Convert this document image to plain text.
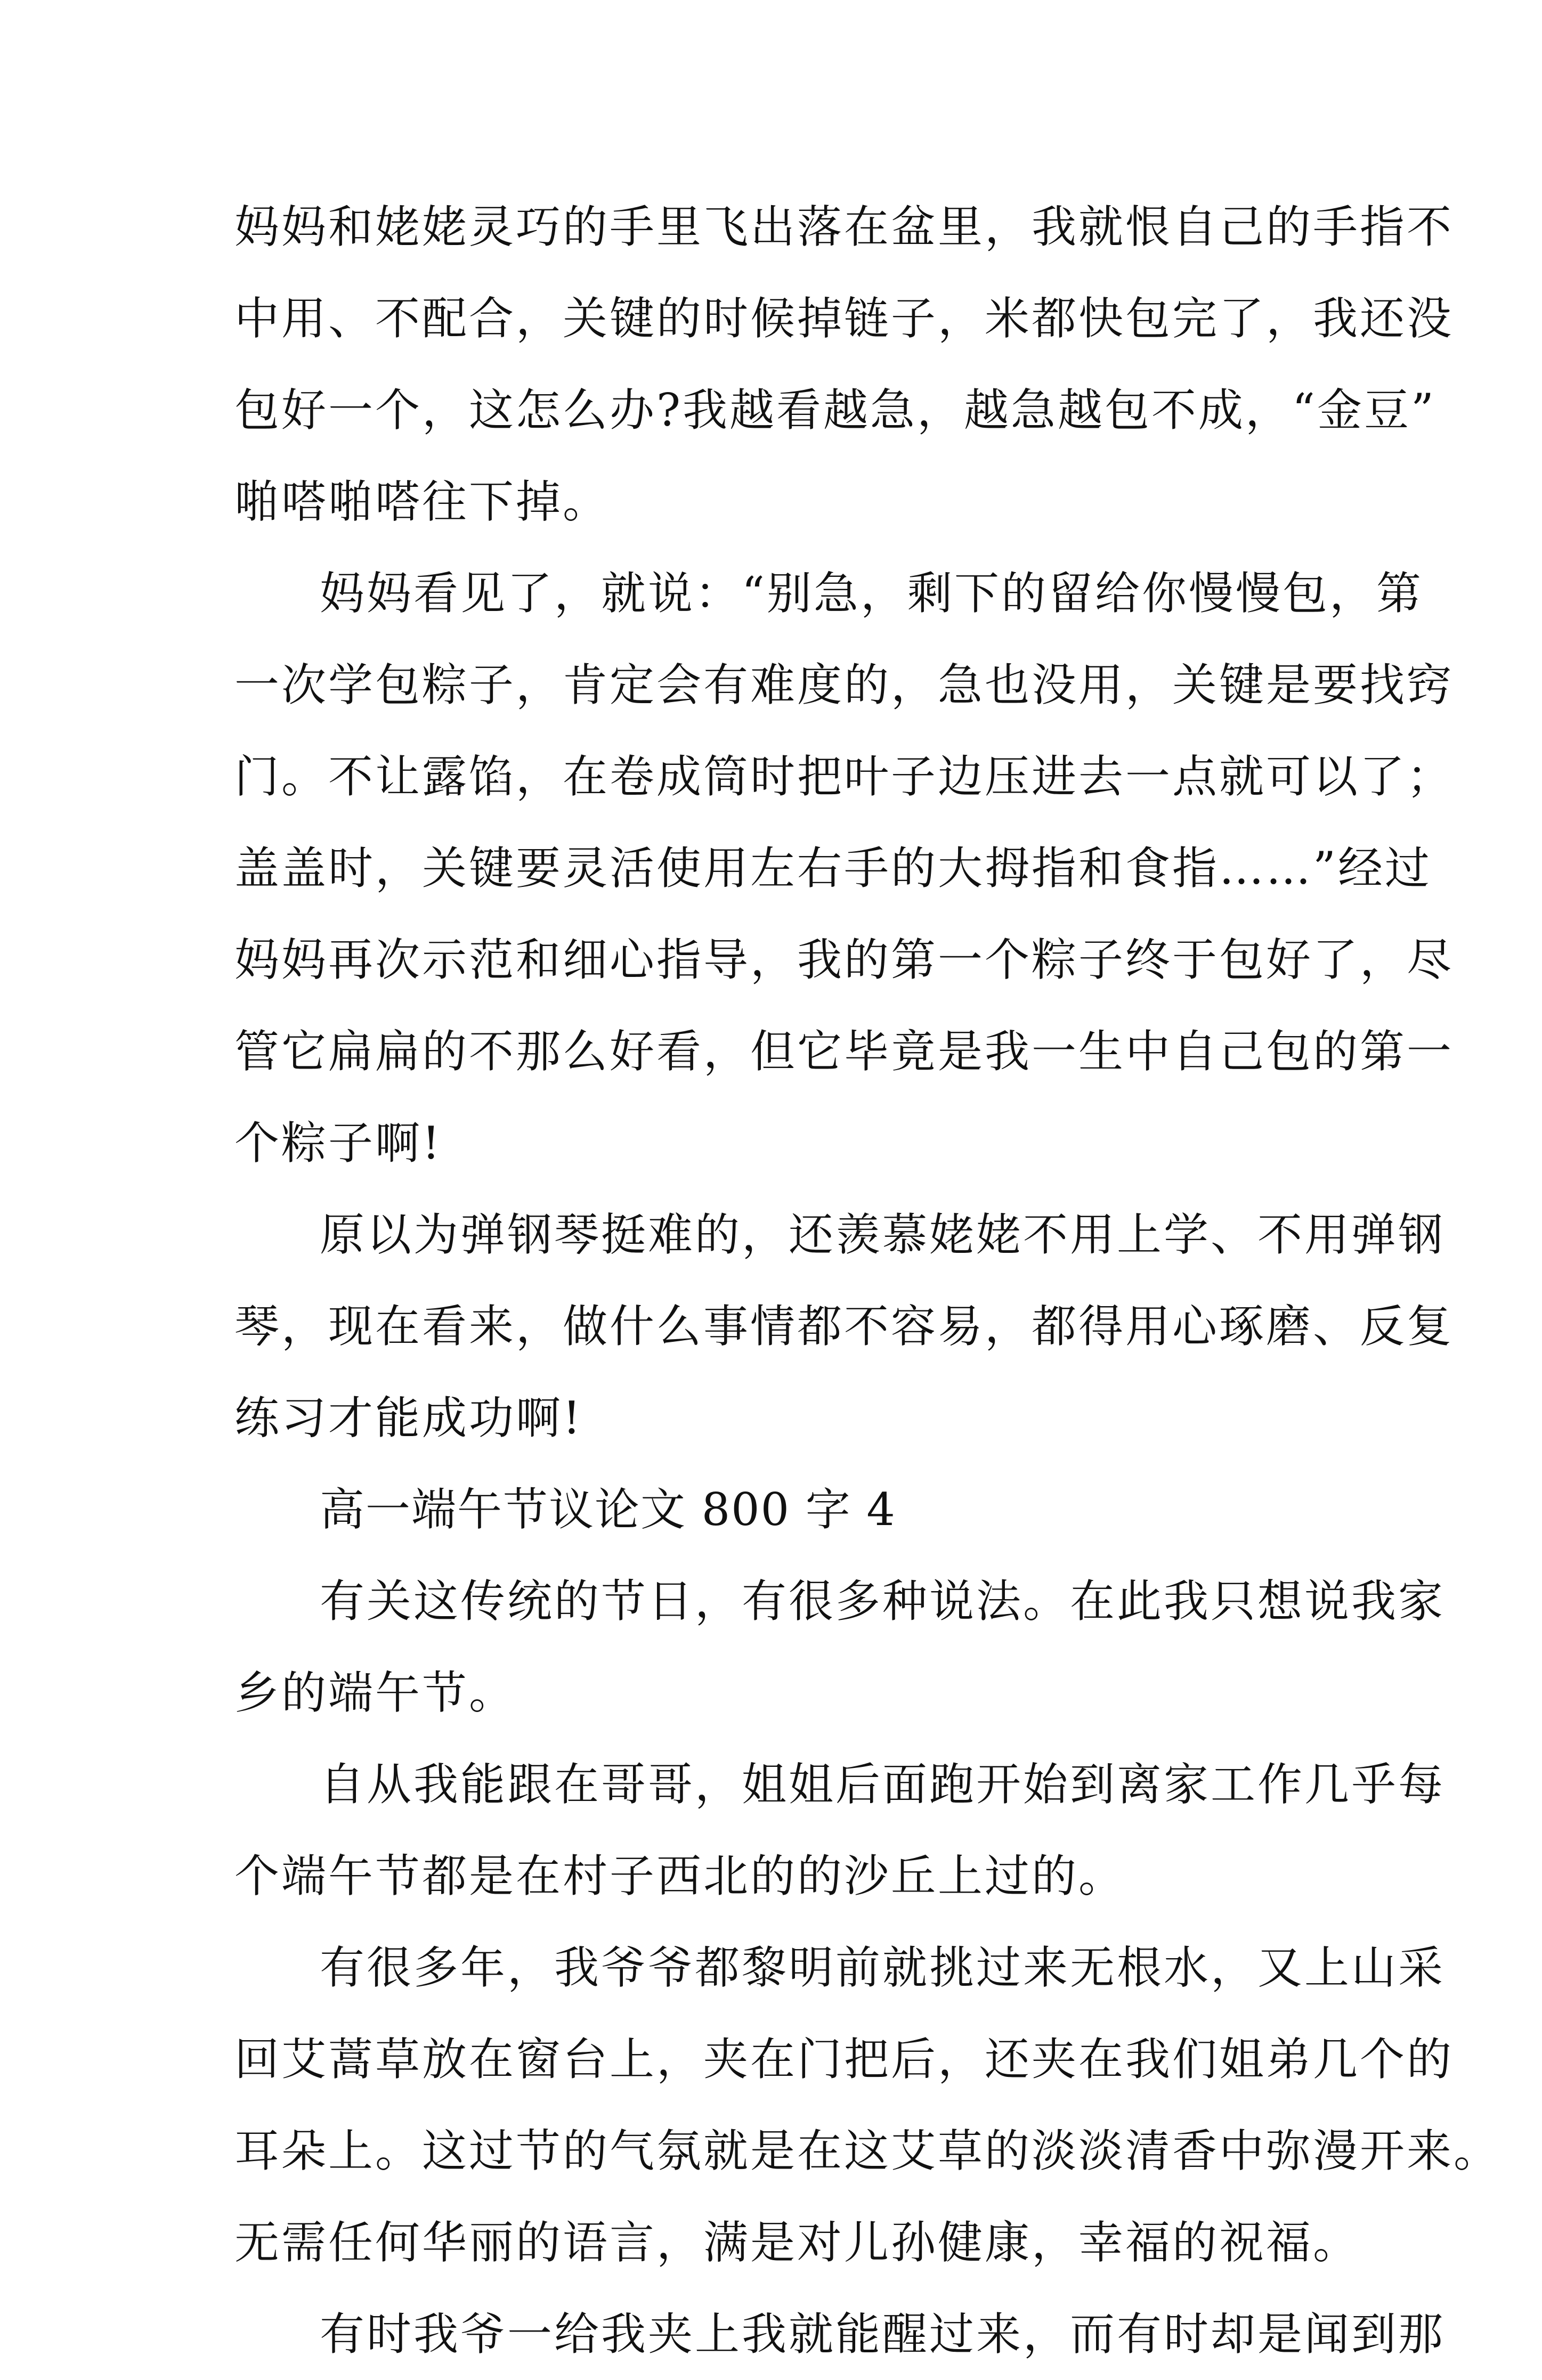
妈妈和姥姥灵巧的手里飞出落在盆里，我就恨自己的手指不
中用、不配合，关键的时候掉链子，米都快包完了，我还没
包好一个，这怎么办?我越看越急，越急越包不成，“金豆”
啪嗒啪嗒往下掉。
妈妈看见了，就说：“别急，剩下的留给你慢慢包，第
一次学包粽子，肯定会有难度的，急也没用，关键是要找窍
门。不让露馅，在卷成筒时把叶子边压进去一点就可以了；
盖盖时，关键要灵活使用左右手的大拇指和食指……”经过
妈妈再次示范和细心指导，我的第一个粽子终于包好了，尽
管它扁扁的不那么好看，但它毕竟是我一生中自己包的第一
个粽子啊!
原以为弹钢琴挺难的，还羡慕姥姥不用上学、不用弹钢
琴，现在看来，做什么事情都不容易，都得用心琢磨、反复
练习才能成功啊!
高一端午节议论文 800 字 4
有关这传统的节日，有很多种说法。在此我只想说我家
乡的端午节。
自从我能跟在哥哥，姐姐后面跑开始到离家工作几乎每
个端午节都是在村子西北的的沙丘上过的。
有很多年，我爷爷都黎明前就挑过来无根水，又上山采
回艾蒿草放在窗台上，夹在门把后，还夹在我们姐弟几个的
耳朵上。这过节的气氛就是在这艾草的淡淡清香中弥漫开来。
无需任何华丽的语言，满是对儿孙健康，幸福的祝福。
有时我爷一给我夹上我就能醒过来，而有时却是闻到那
